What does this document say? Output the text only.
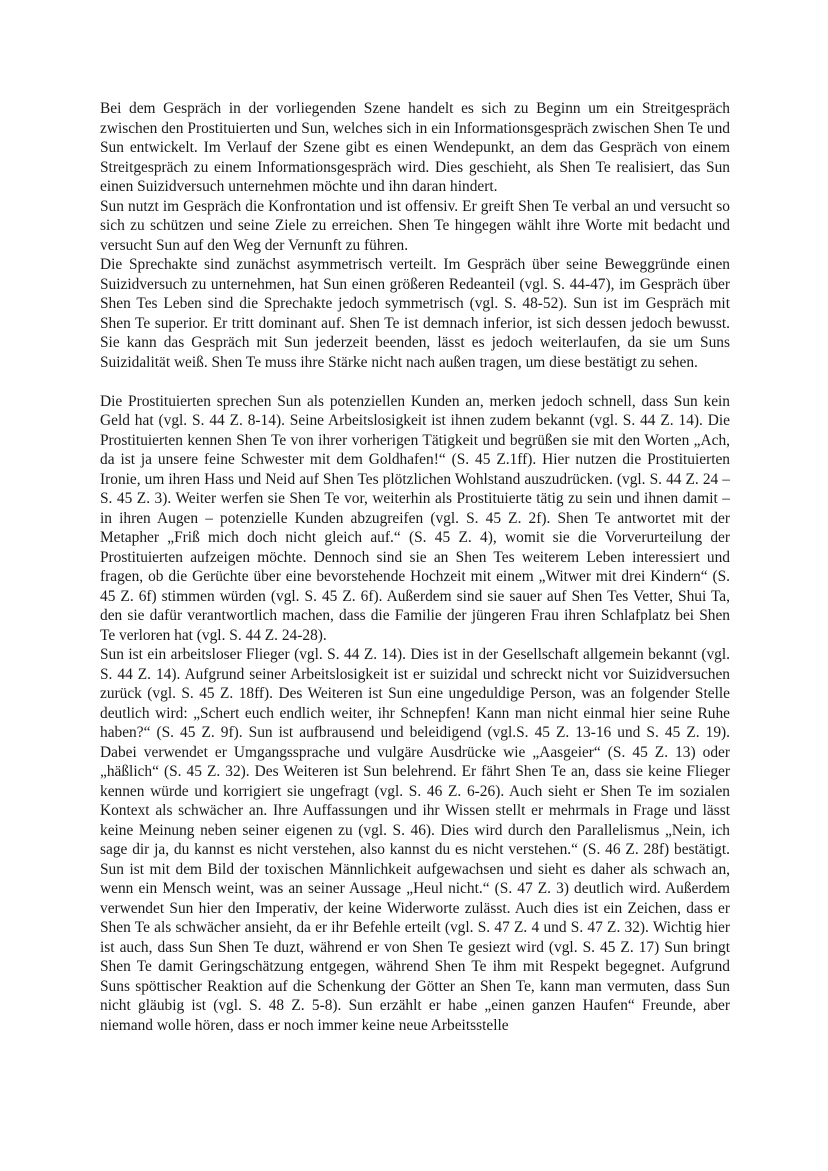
Bei dem Gespräch in der vorliegenden Szene handelt es sich zu Beginn um ein Streitgespräch zwischen den Prostituierten und Sun, welches sich in ein Informationsgespräch zwischen Shen Te und Sun entwickelt. Im Verlauf der Szene gibt es einen Wendepunkt, an dem das Gespräch von einem Streitgespräch zu einem Informationsgespräch wird. Dies geschieht, als Shen Te realisiert, das Sun einen Suizidversuch unternehmen möchte und ihn daran hindert.

Sun nutzt im Gespräch die Konfrontation und ist offensiv. Er greift Shen Te verbal an und versucht so sich zu schützen und seine Ziele zu erreichen. Shen Te hingegen wählt ihre Worte mit bedacht und versucht Sun auf den Weg der Vernunft zu führen.

Die Sprechakte sind zunächst asymmetrisch verteilt. Im Gespräch über seine Beweggründe einen Suizidversuch zu unternehmen, hat Sun einen größeren Redeanteil (vgl. S. 44-47), im Gespräch über Shen Tes Leben sind die Sprechakte jedoch symmetrisch (vgl. S. 48-52). Sun ist im Gespräch mit Shen Te superior. Er tritt dominant auf. Shen Te ist demnach inferior, ist sich dessen jedoch bewusst. Sie kann das Gespräch mit Sun jederzeit beenden, lässt es jedoch weiterlaufen, da sie um Suns Suizidalität weiß. Shen Te muss ihre Stärke nicht nach außen tragen, um diese bestätigt zu sehen.

Die Prostituierten sprechen Sun als potenziellen Kunden an, merken jedoch schnell, dass Sun kein Geld hat (vgl. S. 44 Z. 8-14). Seine Arbeitslosigkeit ist ihnen zudem bekannt (vgl. S. 44 Z. 14). Die Prostituierten kennen Shen Te von ihrer vorherigen Tätigkeit und begrüßen sie mit den Worten „Ach, da ist ja unsere feine Schwester mit dem Goldhafen!“ (S. 45 Z.1ff). Hier nutzen die Prostituierten Ironie, um ihren Hass und Neid auf Shen Tes plötzlichen Wohlstand auszudrücken. (vgl. S. 44 Z. 24 – S. 45 Z. 3). Weiter werfen sie Shen Te vor, weiterhin als Prostituierte tätig zu sein und ihnen damit – in ihren Augen – potenzielle Kunden abzugreifen (vgl. S. 45 Z. 2f). Shen Te antwortet mit der Metapher „Friß mich doch nicht gleich auf.“ (S. 45 Z. 4), womit sie die Vorverurteilung der Prostituierten aufzeigen möchte. Dennoch sind sie an Shen Tes weiterem Leben interessiert und fragen, ob die Gerüchte über eine bevorstehende Hochzeit mit einem „Witwer mit drei Kindern“ (S. 45 Z. 6f) stimmen würden (vgl. S. 45 Z. 6f). Außerdem sind sie sauer auf Shen Tes Vetter, Shui Ta, den sie dafür verantwortlich machen, dass die Familie der jüngeren Frau ihren Schlafplatz bei Shen Te verloren hat (vgl. S. 44 Z. 24-28).

Sun ist ein arbeitsloser Flieger (vgl. S. 44 Z. 14). Dies ist in der Gesellschaft allgemein bekannt (vgl. S. 44 Z. 14). Aufgrund seiner Arbeitslosigkeit ist er suizidal und schreckt nicht vor Suizidversuchen zurück (vgl. S. 45 Z. 18ff). Des Weiteren ist Sun eine ungeduldige Person, was an folgender Stelle deutlich wird: „Schert euch endlich weiter, ihr Schnepfen! Kann man nicht einmal hier seine Ruhe haben?“ (S. 45 Z. 9f). Sun ist aufbrausend und beleidigend (vgl.S. 45 Z. 13-16 und S. 45 Z. 19). Dabei verwendet er Umgangssprache und vulgäre Ausdrücke wie „Aasgeier“ (S. 45 Z. 13) oder „häßlich“ (S. 45 Z. 32). Des Weiteren ist Sun belehrend. Er fährt Shen Te an, dass sie keine Flieger kennen würde und korrigiert sie ungefragt (vgl. S. 46 Z. 6-26). Auch sieht er Shen Te im sozialen Kontext als schwächer an. Ihre Auffassungen und ihr Wissen stellt er mehrmals in Frage und lässt keine Meinung neben seiner eigenen zu (vgl. S. 46). Dies wird durch den Parallelismus „Nein, ich sage dir ja, du kannst es nicht verstehen, also kannst du es nicht verstehen.“ (S. 46 Z. 28f) bestätigt. Sun ist mit dem Bild der toxischen Männlichkeit aufgewachsen und sieht es daher als schwach an, wenn ein Mensch weint, was an seiner Aussage „Heul nicht.“ (S. 47 Z. 3) deutlich wird. Außerdem verwendet Sun hier den Imperativ, der keine Widerworte zulässt. Auch dies ist ein Zeichen, dass er Shen Te als schwächer ansieht, da er ihr Befehle erteilt (vgl. S. 47 Z. 4 und S. 47 Z. 32). Wichtig hier ist auch, dass Sun Shen Te duzt, während er von Shen Te gesiezt wird (vgl. S. 45 Z. 17) Sun bringt Shen Te damit Geringschätzung entgegen, während Shen Te ihm mit Respekt begegnet. Aufgrund Suns spöttischer Reaktion auf die Schenkung der Götter an Shen Te, kann man vermuten, dass Sun nicht gläubig ist (vgl. S. 48 Z. 5-8). Sun erzählt er habe „einen ganzen Haufen“ Freunde, aber niemand wolle hören, dass er noch immer keine neue Arbeitsstelle
